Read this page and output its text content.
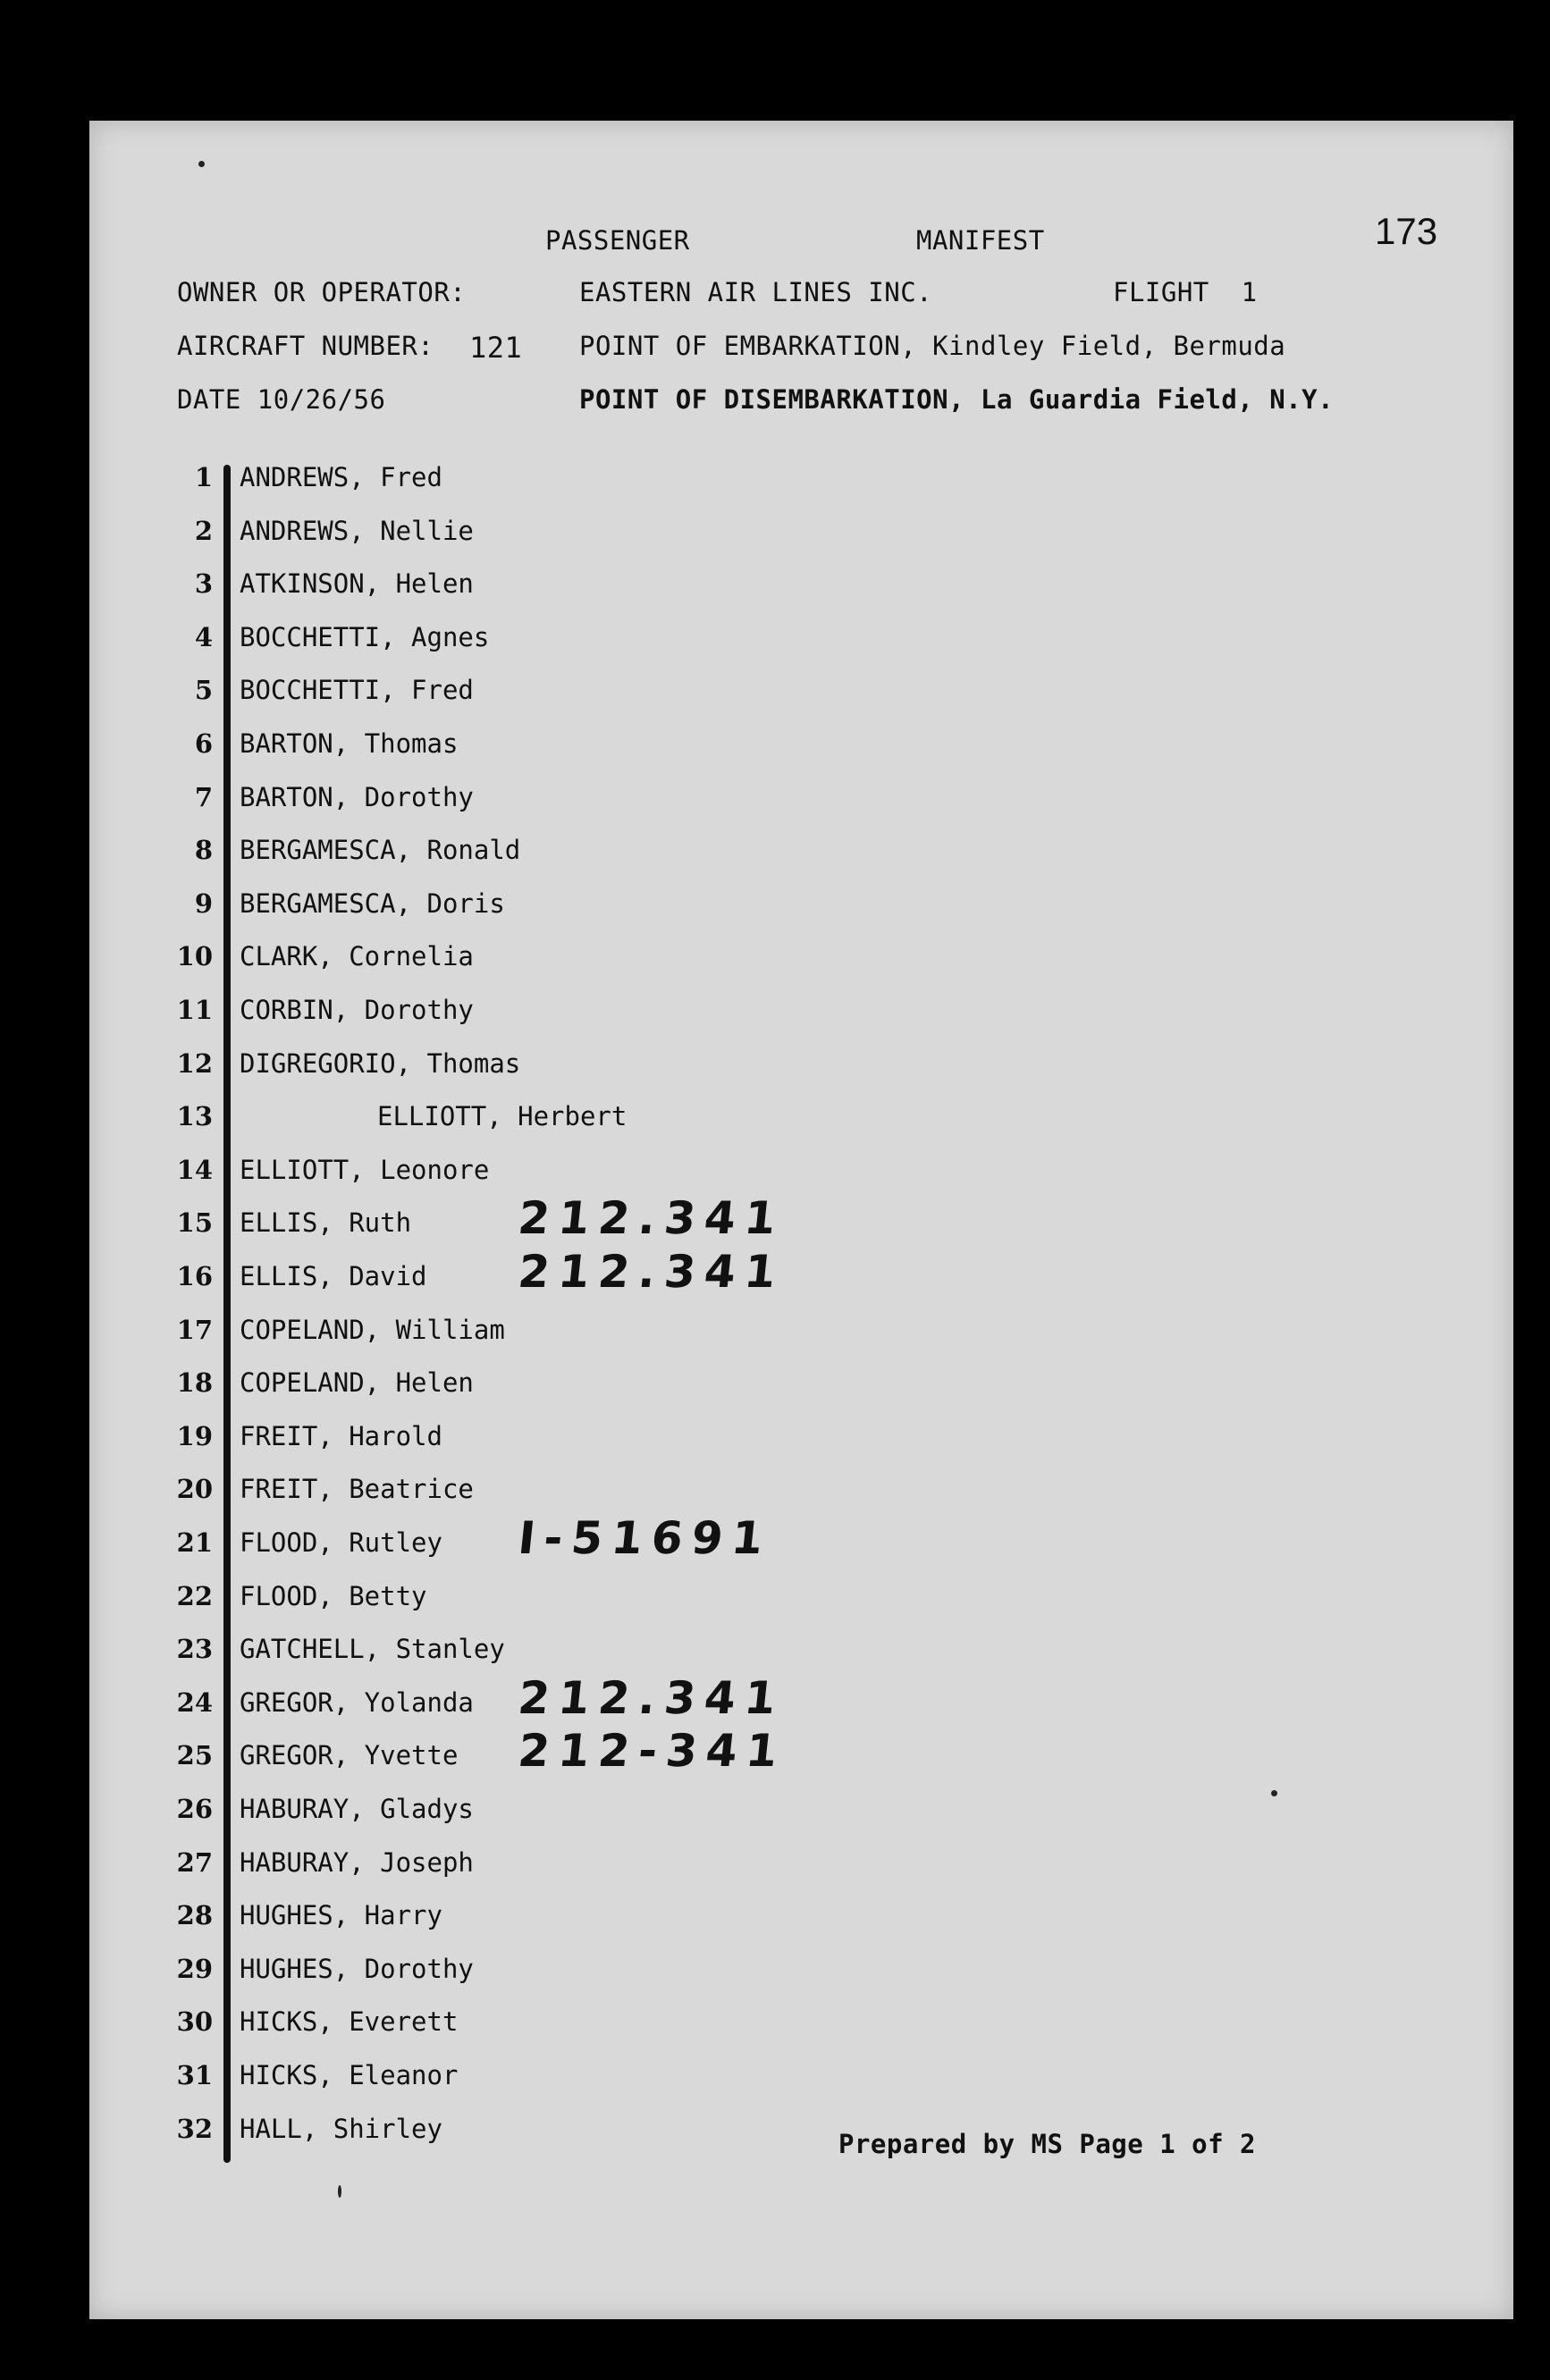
173
PASSENGER	MANIFEST
OWNER OR OPERATOR:	EASTERN AIR LINES INC.	FLIGHT  1
AIRCRAFT NUMBER: 121 POINT OF EMBARKATION, Kindley Field, Bermuda
DATE 10/26/56	POINT OF DISEMBARKATION, La Guardia Field, N.Y.
1 ANDREWS, Fred
2 ANDREWS, Nellie
3 ATKINSON, Helen
4 BOCCHETTI, Agnes
5 BOCCHETTI, Fred
6 BARTON, Thomas
7 BARTON, Dorothy
8 BERGAMESCA, Ronald
9 BERGAMESCA, Doris
10 CLARK, Cornelia
11 CORBIN, Dorothy
12 DIGREGORIO, Thomas
13	ELLIOTT, Herbert
14 ELLIOTT, Leonore
15 ELLIS, Ruth 212.341
16 ELLIS, David 212.341
17 COPELAND, William
18 COPELAND, Helen
19 FREIT, Harold
20 FREIT, Beatrice
21 FLOOD, Rutley I-51691
22 FLOOD, Betty
23 GATCHELL, Stanley
24 GREGOR, Yolanda 212.341
25 GREGOR, Yvette 212-341
26 HABURAY, Gladys
27 HABURAY, Joseph
28 HUGHES, Harry
29 HUGHES, Dorothy
30 HICKS, Everett
31 HICKS, Eleanor
32 HALL, Shirley	Prepared by MS Page 1 of 2
